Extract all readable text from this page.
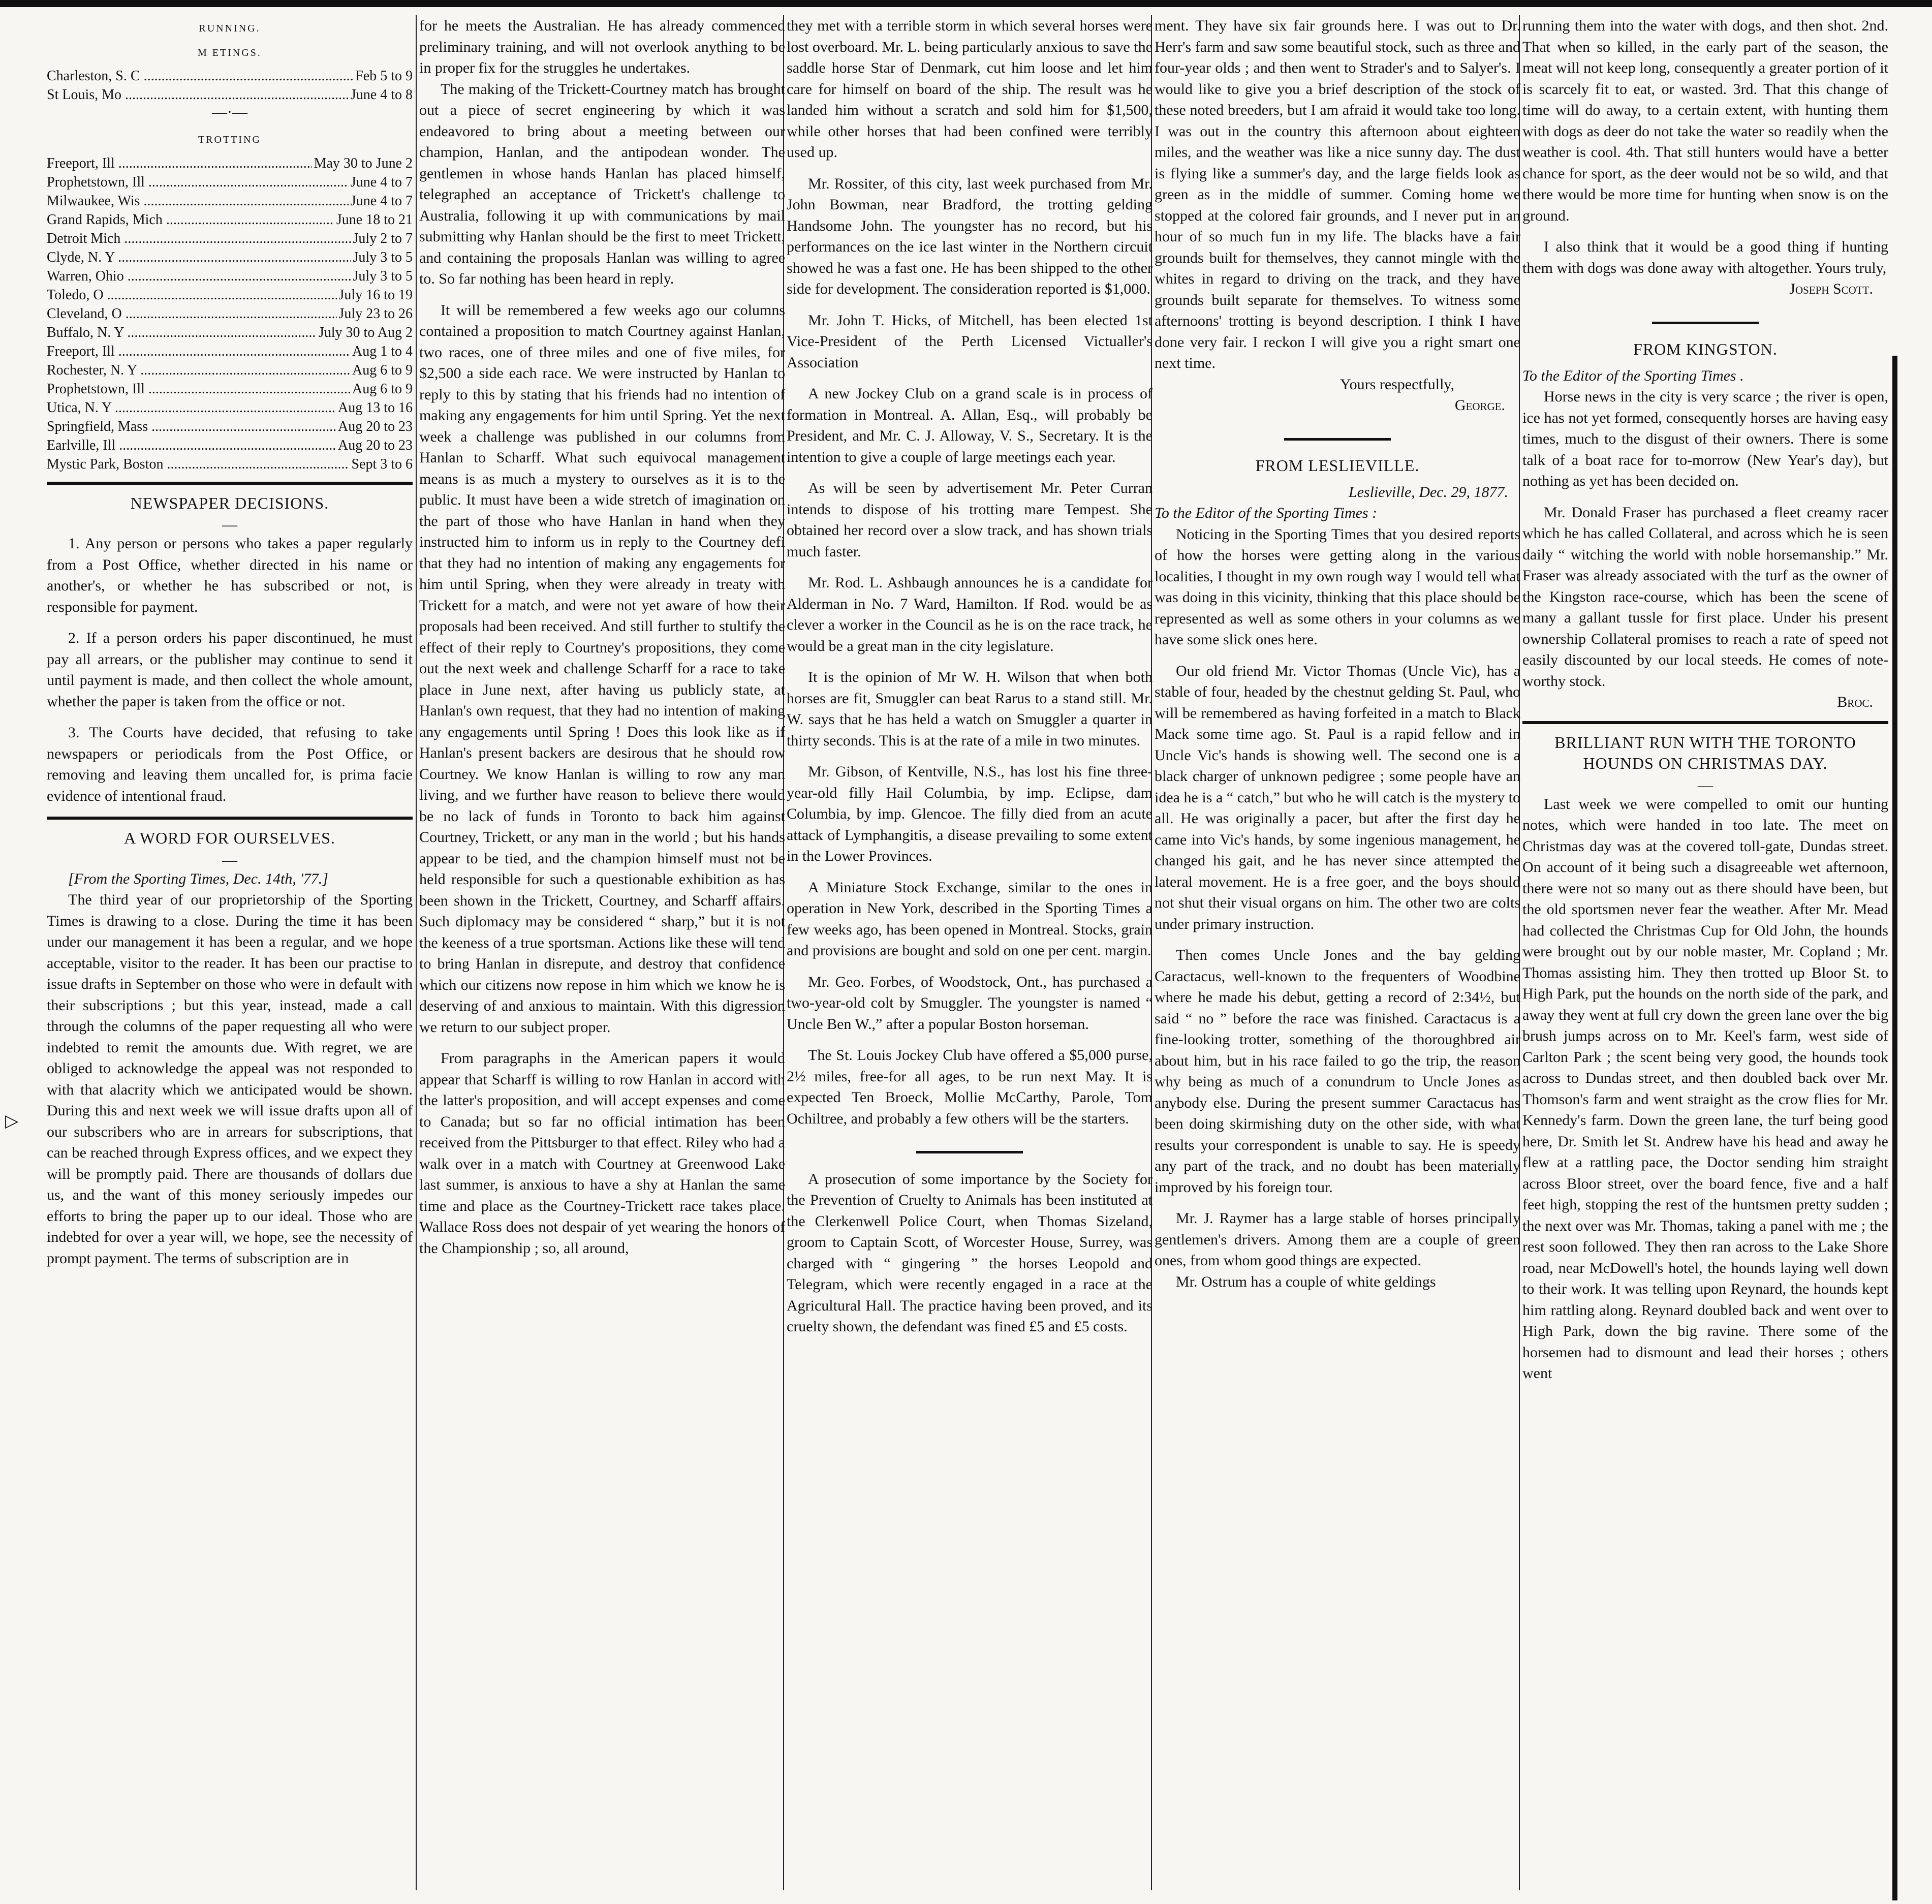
▷
RUNNING.
M ETINGS.
Charleston, S. C .....	Feb 5 to 9
St Louis, Mo .....	June 4 to 8
—·—
TROTTING
Freeport, Ill .....	May 30 to June 2
Prophetstown, Ill .....	June 4 to 7
Milwaukee, Wis .....	June 4 to 7
Grand Rapids, Mich .....	June 18 to 21
Detroit Mich .....	July 2 to 7
Clyde, N. Y .....	July 3 to 5
Warren, Ohio .....	July 3 to 5
Toledo, O .....	July 16 to 19
Cleveland, O .....	July 23 to 26
Buffalo, N. Y .....	July 30 to Aug 2
Freeport, Ill .....	Aug 1 to 4
Rochester, N. Y .....	Aug 6 to 9
Prophetstown, Ill .....	Aug 6 to 9
Utica, N. Y .....	Aug 13 to 16
Springfield, Mass .....	Aug 20 to 23
Earlville, Ill .....	Aug 20 to 23
Mystic Park, Boston .....	Sept 3 to 6
NEWSPAPER DECISIONS.
—

1. Any person or persons who takes a paper regularly from a Post Office, whether directed in his name or another's, or whether he has subscribed or not, is responsible for payment.

2. If a person orders his paper discontinued, he must pay all arrears, or the publisher may continue to send it until payment is made, and then collect the whole amount, whether the paper is taken from the office or not.

3. The Courts have decided, that refusing to take newspapers or periodicals from the Post Office, or removing and leaving them uncalled for, is prima facie evidence of intentional fraud.

A WORD FOR OURSELVES.
—

[From the Sporting Times, Dec. 14th, '77.]

The third year of our proprietorship of the Sporting Times is drawing to a close. During the time it has been under our management it has been a regular, and we hope acceptable, visitor to the reader. It has been our practise to issue drafts in September on those who were in default with their subscriptions ; but this year, instead, made a call through the columns of the paper requesting all who were indebted to remit the amounts due. With regret, we are obliged to acknowledge the appeal was not responded to with that alacrity which we anticipated would be shown. During this and next week we will issue drafts upon all of our subscribers who are in arrears for subscriptions, that can be reached through Express offices, and we expect they will be promptly paid. There are thousands of dollars due us, and the want of this money seriously impedes our efforts to bring the paper up to our ideal. Those who are indebted for over a year will, we hope, see the necessity of prompt payment. The terms of subscription are in

for he meets the Australian. He has already commenced preliminary training, and will not overlook anything to be in proper fix for the struggles he undertakes.

The making of the Trickett-Courtney match has brought out a piece of secret engineering by which it was endeavored to bring about a meeting between our champion, Hanlan, and the antipodean wonder. The gentlemen in whose hands Hanlan has placed himself, telegraphed an acceptance of Trickett's challenge to Australia, following it up with communications by mail submitting why Hanlan should be the first to meet Trickett, and containing the proposals Hanlan was willing to agree to. So far nothing has been heard in reply.

It will be remembered a few weeks ago our columns contained a proposition to match Courtney against Hanlan, two races, one of three miles and one of five miles, for $2,500 a side each race. We were instructed by Hanlan to reply to this by stating that his friends had no intention of making any engagements for him until Spring. Yet the next week a challenge was published in our columns from Hanlan to Scharff. What such equivocal management means is as much a mystery to ourselves as it is to the public. It must have been a wide stretch of imagination on the part of those who have Hanlan in hand when they instructed him to inform us in reply to the Courtney defi that they had no intention of making any engagements for him until Spring, when they were already in treaty with Trickett for a match, and were not yet aware of how their proposals had been received. And still further to stultify the effect of their reply to Courtney's propositions, they come out the next week and challenge Scharff for a race to take place in June next, after having us publicly state, at Hanlan's own request, that they had no intention of making any engagements until Spring ! Does this look like as if Hanlan's present backers are desirous that he should row Courtney. We know Hanlan is willing to row any man living, and we further have reason to believe there would be no lack of funds in Toronto to back him against Courtney, Trickett, or any man in the world ; but his hands appear to be tied, and the champion himself must not be held responsible for such a questionable exhibition as has been shown in the Trickett, Courtney, and Scharff affairs. Such diplomacy may be considered “ sharp,” but it is not the keeness of a true sportsman. Actions like these will tend to bring Hanlan in disrepute, and destroy that confidence which our citizens now repose in him which we know he is deserving of and anxious to maintain. With this digression we return to our subject proper.

From paragraphs in the American papers it would appear that Scharff is willing to row Hanlan in accord with the latter's proposition, and will accept expenses and come to Canada; but so far no official intimation has been received from the Pittsburger to that effect. Riley who had a walk over in a match with Courtney at Greenwood Lake last summer, is anxious to have a shy at Hanlan the same time and place as the Courtney-Trickett race takes place. Wallace Ross does not despair of yet wearing the honors of the Championship ; so, all around,

they met with a terrible storm in which several horses were lost overboard. Mr. L. being particularly anxious to save the saddle horse Star of Denmark, cut him loose and let him care for himself on board of the ship. The result was he landed him without a scratch and sold him for $1,500, while other horses that had been confined were terribly used up.

Mr. Rossiter, of this city, last week purchased from Mr. John Bowman, near Bradford, the trotting gelding Handsome John. The youngster has no record, but his performances on the ice last winter in the Northern circuit showed he was a fast one. He has been shipped to the other side for development. The consideration reported is $1,000.

Mr. John T. Hicks, of Mitchell, has been elected 1st Vice-President of the Perth Licensed Victualler's Association

A new Jockey Club on a grand scale is in process of formation in Montreal. A. Allan, Esq., will probably be President, and Mr. C. J. Alloway, V. S., Secretary. It is the intention to give a couple of large meetings each year.

As will be seen by advertisement Mr. Peter Curran intends to dispose of his trotting mare Tempest. She obtained her record over a slow track, and has shown trials much faster.

Mr. Rod. L. Ashbaugh announces he is a candidate for Alderman in No. 7 Ward, Hamilton. If Rod. would be as clever a worker in the Council as he is on the race track, he would be a great man in the city legislature.

It is the opinion of Mr W. H. Wilson that when both horses are fit, Smuggler can beat Rarus to a stand still. Mr. W. says that he has held a watch on Smuggler a quarter in thirty seconds. This is at the rate of a mile in two minutes.

Mr. Gibson, of Kentville, N.S., has lost his fine three-year-old filly Hail Columbia, by imp. Eclipse, dam Columbia, by imp. Glencoe. The filly died from an acute attack of Lymphangitis, a disease prevailing to some extent in the Lower Provinces.

A Miniature Stock Exchange, similar to the ones in operation in New York, described in the Sporting Times a few weeks ago, has been opened in Montreal. Stocks, grain and provisions are bought and sold on one per cent. margin.

Mr. Geo. Forbes, of Woodstock, Ont., has purchased a two-year-old colt by Smuggler. The youngster is named “ Uncle Ben W.,” after a popular Boston horseman.

The St. Louis Jockey Club have offered a $5,000 purse, 2½ miles, free-for all ages, to be run next May. It is expected Ten Broeck, Mollie McCarthy, Parole, Tom Ochiltree, and probably a few others will be the starters.

A prosecution of some importance by the Society for the Prevention of Cruelty to Animals has been instituted at the Clerkenwell Police Court, when Thomas Sizeland, groom to Captain Scott, of Worcester House, Surrey, was charged with “ gingering ” the horses Leopold and Telegram, which were recently engaged in a race at the Agricultural Hall. The practice having been proved, and its cruelty shown, the defendant was fined £5 and £5 costs.

ment. They have six fair grounds here. I was out to Dr. Herr's farm and saw some beautiful stock, such as three and four-year olds ; and then went to Strader's and to Salyer's. I would like to give you a brief description of the stock of these noted breeders, but I am afraid it would take too long. I was out in the country this afternoon about eighteen miles, and the weather was like a nice sunny day. The dust is flying like a summer's day, and the large fields look as green as in the middle of summer. Coming home we stopped at the colored fair grounds, and I never put in an hour of so much fun in my life. The blacks have a fair grounds built for themselves, they cannot mingle with the whites in regard to driving on the track, and they have grounds built separate for themselves. To witness some afternoons' trotting is beyond description. I think I have done very fair. I reckon I will give you a right smart one next time.

Yours respectfully,

George.

FROM LESLIEVILLE.

Leslieville, Dec. 29, 1877.

To the Editor of the Sporting Times :

Noticing in the Sporting Times that you desired reports of how the horses were getting along in the various localities, I thought in my own rough way I would tell what was doing in this vicinity, thinking that this place should be represented as well as some others in your columns as we have some slick ones here.

Our old friend Mr. Victor Thomas (Uncle Vic), has a stable of four, headed by the chestnut gelding St. Paul, who will be remembered as having forfeited in a match to Black Mack some time ago. St. Paul is a rapid fellow and in Uncle Vic's hands is showing well. The second one is a black charger of unknown pedigree ; some people have an idea he is a “ catch,” but who he will catch is the mystery to all. He was originally a pacer, but after the first day he came into Vic's hands, by some ingenious management, he changed his gait, and he has never since attempted the lateral movement. He is a free goer, and the boys should not shut their visual organs on him. The other two are colts under primary instruction.

Then comes Uncle Jones and the bay gelding Caractacus, well-known to the frequenters of Woodbine where he made his debut, getting a record of 2:34½, but said “ no ” before the race was finished. Caractacus is a fine-looking trotter, something of the thoroughbred air about him, but in his race failed to go the trip, the reason why being as much of a conundrum to Uncle Jones as anybody else. During the present summer Caractacus has been doing skirmishing duty on the other side, with what results your correspondent is unable to say. He is speedy any part of the track, and no doubt has been materially improved by his foreign tour.

Mr. J. Raymer has a large stable of horses principally gentlemen's drivers. Among them are a couple of green ones, from whom good things are expected.

Mr. Ostrum has a couple of white geldings

running them into the water with dogs, and then shot. 2nd. That when so killed, in the early part of the season, the meat will not keep long, consequently a greater portion of it is scarcely fit to eat, or wasted. 3rd. That this change of time will do away, to a certain extent, with hunting them with dogs as deer do not take the water so readily when the weather is cool. 4th. That still hunters would have a better chance for sport, as the deer would not be so wild, and that there would be more time for hunting when snow is on the ground.

I also think that it would be a good thing if hunting them with dogs was done away with altogether. Yours truly,

Joseph Scott.

FROM KINGSTON.

To the Editor of the Sporting Times .

Horse news in the city is very scarce ; the river is open, ice has not yet formed, consequently horses are having easy times, much to the disgust of their owners. There is some talk of a boat race for to-morrow (New Year's day), but nothing as yet has been decided on.

Mr. Donald Fraser has purchased a fleet creamy racer which he has called Collateral, and across which he is seen daily “ witching the world with noble horsemanship.” Mr. Fraser was already associated with the turf as the owner of the Kingston race-course, which has been the scene of many a gallant tussle for first place. Under his present ownership Collateral promises to reach a rate of speed not easily discounted by our local steeds. He comes of note-worthy stock.

Broc.

BRILLIANT RUN WITH THE TORONTO HOUNDS ON CHRISTMAS DAY.
—

Last week we were compelled to omit our hunting notes, which were handed in too late. The meet on Christmas day was at the covered toll-gate, Dundas street. On account of it being such a disagreeable wet afternoon, there were not so many out as there should have been, but the old sportsmen never fear the weather. After Mr. Mead had collected the Christmas Cup for Old John, the hounds were brought out by our noble master, Mr. Copland ; Mr. Thomas assisting him. They then trotted up Bloor St. to High Park, put the hounds on the north side of the park, and away they went at full cry down the green lane over the big brush jumps across on to Mr. Keel's farm, west side of Carlton Park ; the scent being very good, the hounds took across to Dundas street, and then doubled back over Mr. Thomson's farm and went straight as the crow flies for Mr. Kennedy's farm. Down the green lane, the turf being good here, Dr. Smith let St. Andrew have his head and away he flew at a rattling pace, the Doctor sending him straight across Bloor street, over the board fence, five and a half feet high, stopping the rest of the huntsmen pretty sudden ; the next over was Mr. Thomas, taking a panel with me ; the rest soon followed. They then ran across to the Lake Shore road, near McDowell's hotel, the hounds laying well down to their work. It was telling upon Reynard, the hounds kept him rattling along. Reynard doubled back and went over to High Park, down the big ravine. There some of the horsemen had to dismount and lead their horses ; others went
